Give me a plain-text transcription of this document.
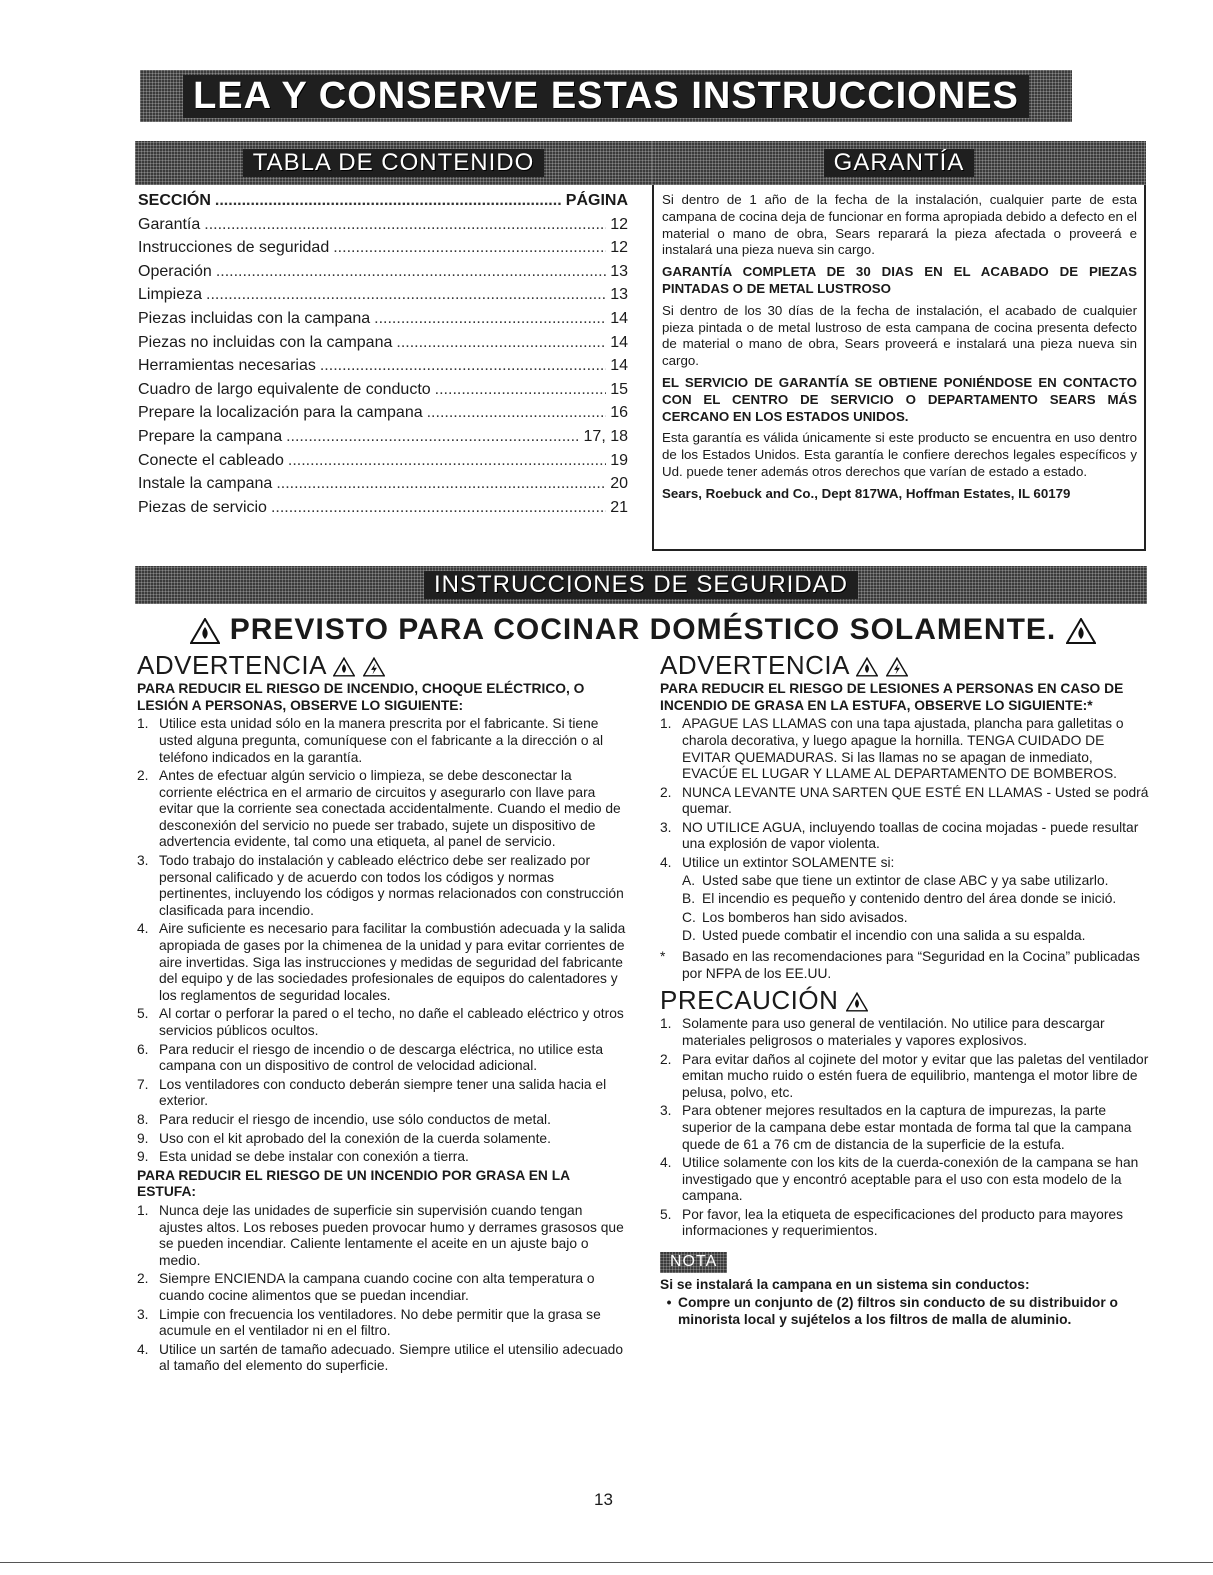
LEA Y CONSERVE ESTAS INSTRUCCIONES
TABLA DE CONTENIDO	GARANTÍA
SECCIÓN .....	PÁGINA
Garantía .....	12
Instrucciones de seguridad .....	12
Operación .....	13
Limpieza .....	13
Piezas incluidas con la campana .....	14
Piezas no incluidas con la campana .....	14
Herramientas necesarias .....	14
Cuadro de largo equivalente de conducto .....	15
Prepare la localización para la campana .....	16
Prepare la campana .....	17, 18
Conecte el cableado .....	19
Instale la campana .....	20
Piezas de servicio .....	21

Si dentro de 1 año de la fecha de la instalación, cualquier parte de esta campana de cocina deja de funcionar en forma apropiada debido a defecto en el material o mano de obra, Sears reparará la pieza afectada o proveerá e instalará una pieza nueva sin cargo.

GARANTÍA COMPLETA DE 30 DIAS EN EL ACABADO DE PIEZAS PINTADAS O DE METAL LUSTROSO

Si dentro de los 30 días de la fecha de instalación, el acabado de cualquier pieza pintada o de metal lustroso de esta campana de cocina presenta defecto de material o mano de obra, Sears proveerá e instalará una pieza nueva sin cargo.

EL SERVICIO DE GARANTÍA SE OBTIENE PONIÉNDOSE EN CONTACTO CON EL CENTRO DE SERVICIO O DEPARTAMENTO SEARS MÁS CERCANO EN LOS ESTADOS UNIDOS.

Esta garantía es válida únicamente si este producto se encuentra en uso dentro de los Estados Unidos. Esta garantía le confiere derechos legales específicos y Ud. puede tener además otros derechos que varían de estado a estado.

Sears, Roebuck and Co., Dept 817WA, Hoffman Estates, IL 60179

INSTRUCCIONES DE SEGURIDAD
PREVISTO PARA COCINAR DOMÉSTICO SOLAMENTE.
ADVERTENCIA

PARA REDUCIR EL RIESGO DE INCENDIO, CHOQUE ELÉCTRICO, O LESIÓN A PERSONAS, OBSERVE LO SIGUIENTE:
1. Utilice esta unidad sólo en la manera prescrita por el fabricante. Si tiene usted alguna pregunta, comuníquese con el fabricante a la dirección o al teléfono indicados en la garantía.
2. Antes de efectuar algún servicio o limpieza, se debe desconectar la corriente eléctrica en el armario de circuitos y asegurarlo con llave para evitar que la corriente sea conectada accidentalmente. Cuando el medio de desconexión del servicio no puede ser trabado, sujete un dispositivo de advertencia evidente, tal como una etiqueta, al panel de servicio.
3. Todo trabajo do instalación y cableado eléctrico debe ser realizado por personal calificado y de acuerdo con todos los códigos y normas pertinentes, incluyendo los códigos y normas relacionados con construcción clasificada para incendio.
4. Aire suficiente es necesario para facilitar la combustión adecuada y la salida apropiada de gases por la chimenea de la unidad y para evitar corrientes de aire invertidas. Siga las instrucciones y medidas de seguridad del fabricante del equipo y de las sociedades profesionales de equipos do calentadores y los reglamentos de seguridad locales.
5. Al cortar o perforar la pared o el techo, no dañe el cableado eléctrico y otros servicios públicos ocultos.
6. Para reducir el riesgo de incendio o de descarga eléctrica, no utilice esta campana con un dispositivo de control de velocidad adicional.
7. Los ventiladores con conducto deberán siempre tener una salida hacia el exterior.
8. Para reducir el riesgo de incendio, use sólo conductos de metal.
9. Uso con el kit aprobado del la conexión de la cuerda solamente.
9. Esta unidad se debe instalar con conexión a tierra.
PARA REDUCIR EL RIESGO DE UN INCENDIO POR GRASA EN LA ESTUFA:
1. Nunca deje las unidades de superficie sin supervisión cuando tengan ajustes altos. Los reboses pueden provocar humo y derrames grasosos que se pueden incendiar. Caliente lentamente el aceite en un ajuste bajo o medio.
2. Siempre ENCIENDA la campana cuando cocine con alta temperatura o cuando cocine alimentos que se puedan incendiar.
3. Limpie con frecuencia los ventiladores. No debe permitir que la grasa se acumule en el ventilador ni en el filtro.
4. Utilice un sartén de tamaño adecuado. Siempre utilice el utensilio adecuado al tamaño del elemento do superficie.
ADVERTENCIA

PARA REDUCIR EL RIESGO DE LESIONES A PERSONAS EN CASO DE INCENDIO DE GRASA EN LA ESTUFA, OBSERVE LO SIGUIENTE:*
1. APAGUE LAS LLAMAS con una tapa ajustada, plancha para galletitas o charola decorativa, y luego apague la hornilla. TENGA CUIDADO DE EVITAR QUEMADURAS. Si las llamas no se apagan de inmediato, EVACÚE EL LUGAR Y LLAME AL DEPARTAMENTO DE BOMBEROS.
2. NUNCA LEVANTE UNA SARTEN QUE ESTÉ EN LLAMAS - Usted se podrá quemar.
3. NO UTILICE AGUA, incluyendo toallas de cocina mojadas - puede resultar una explosión de vapor violenta.
4. Utilice un extintor SOLAMENTE si:
A. Usted sabe que tiene un extintor de clase ABC y ya sabe utilizarlo.
B. El incendio es pequeño y contenido dentro del área donde se inició.
C. Los bomberos han sido avisados.
D. Usted puede combatir el incendio con una salida a su espalda.
*	Basado en las recomendaciones para “Seguridad en la Cocina” publicadas por NFPA de los EE.UU.
PRECAUCIÓN
1. Solamente para uso general de ventilación. No utilice para descargar materiales peligrosos o materiales y vapores explosivos.
2. Para evitar daños al cojinete del motor y evitar que las paletas del ventilador emitan mucho ruido o estén fuera de equilibrio, mantenga el motor libre de pelusa, polvo, etc.
3. Para obtener mejores resultados en la captura de impurezas, la parte superior de la campana debe estar montada de forma tal que la campana quede de 61 a 76 cm de distancia de la superficie de la estufa.
4. Utilice solamente con los kits de la cuerda-conexión de la campana se han investigado que y encontró aceptable para el uso con esta modelo de la campana.
5. Por favor, lea la etiqueta de especificaciones del producto para mayores informaciones y requerimientos.
NOTA
Si se instalará la campana en un sistema sin conductos:
• Compre un conjunto de (2) filtros sin conducto de su distribuidor o minorista local y sujételos a los filtros de malla de aluminio.
13
